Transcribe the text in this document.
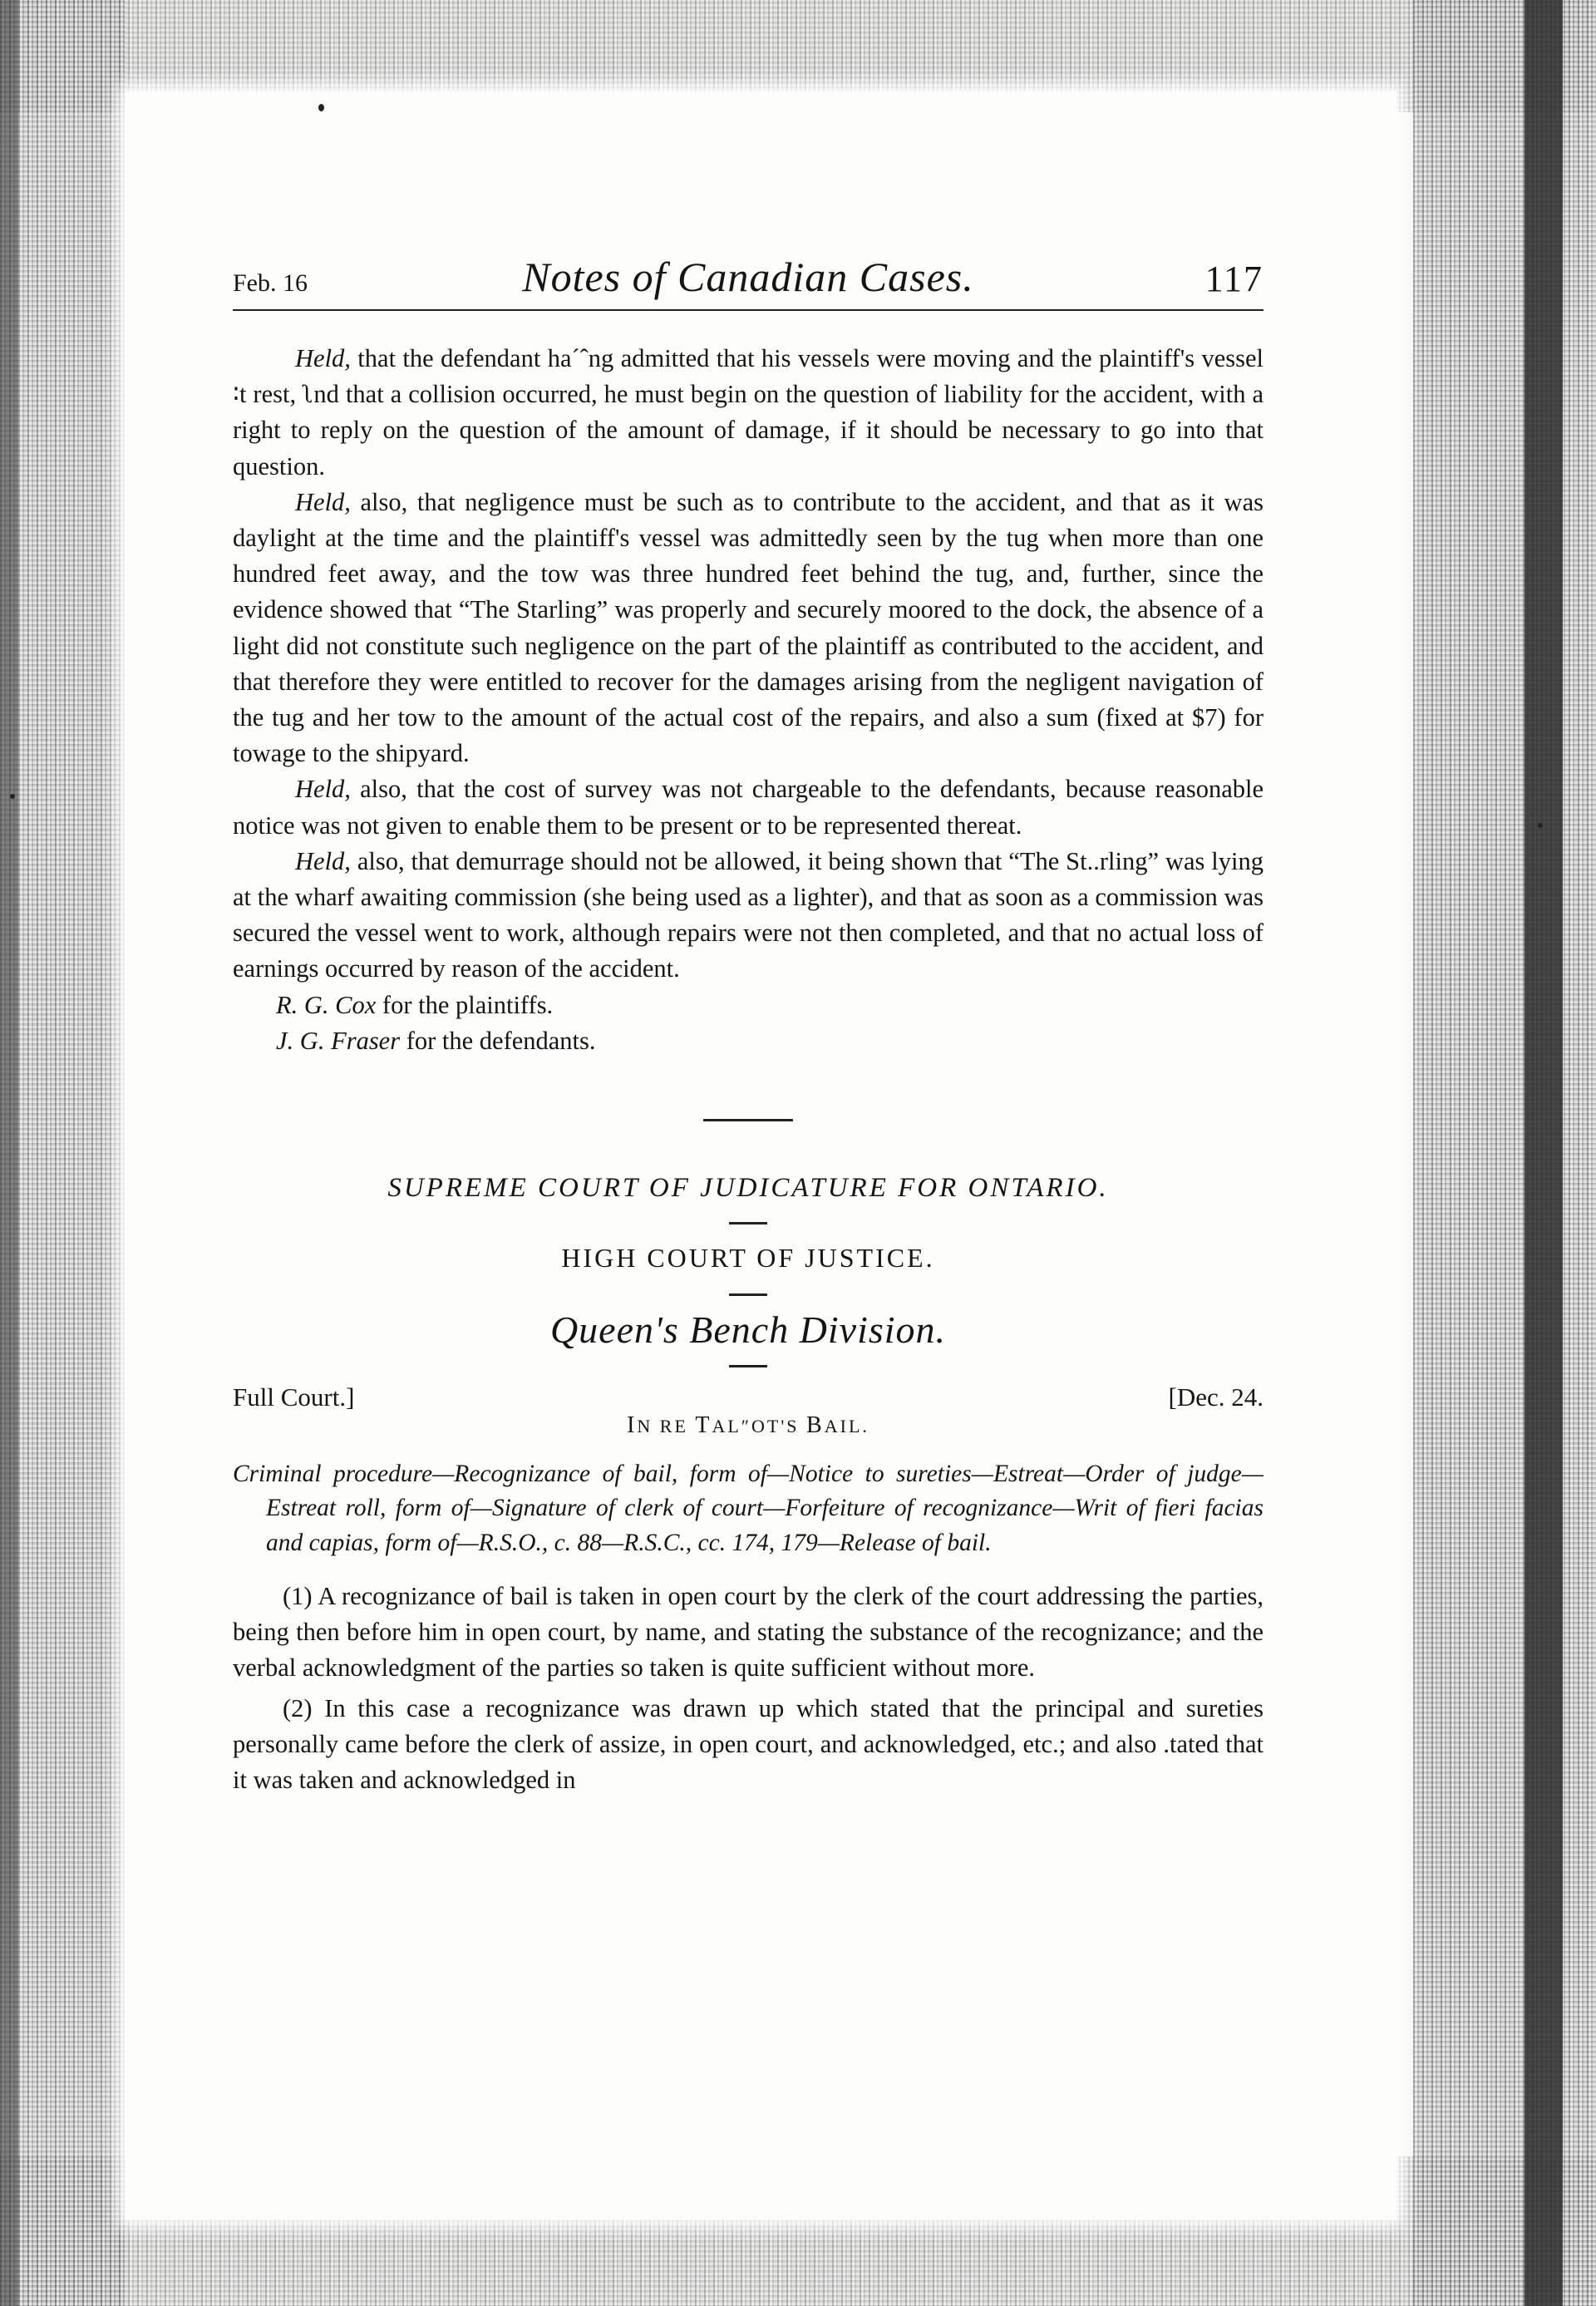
Feb. 16	Notes of Canadian Cases.	117

Held, that the defendant ha´ˆng admitted that his vessels were moving and the plaintiff's vessel ∶t rest, ʅnd that a collision occurred, he must begin on the question of liability for the accident, with a right to reply on the question of the amount of damage, if it should be necessary to go into that question.

Held, also, that negligence must be such as to contribute to the accident, and that as it was daylight at the time and the plaintiff's vessel was admittedly seen by the tug when more than one hundred feet away, and the tow was three hundred feet behind the tug, and, further, since the evidence showed that “The Starling” was properly and securely moored to the dock, the absence of a light did not constitute such negligence on the part of the plaintiff as contributed to the accident, and that therefore they were entitled to recover for the damages arising from the negligent navigation of the tug and her tow to the amount of the actual cost of the repairs, and also a sum (fixed at $7) for towage to the shipyard.

Held, also, that the cost of survey was not chargeable to the defendants, because reasonable notice was not given to enable them to be present or to be represented thereat.

Held, also, that demurrage should not be allowed, it being shown that “The St..rling” was lying at the wharf awaiting commission (she being used as a lighter), and that as soon as a commission was secured the vessel went to work, although repairs were not then completed, and that no actual loss of earnings occurred by reason of the accident.

R. G. Cox for the plaintiffs.

J. G. Fraser for the defendants.

SUPREME COURT OF JUDICATURE FOR ONTARIO.

HIGH COURT OF JUSTICE.

Queen's Bench Division.

Full Court.]	[Dec. 24.
IN RE TAL″OT'S BAIL.

Criminal procedure—Recognizance of bail, form of—Notice to sureties—Estreat—Order of judge—Estreat roll, form of—Signature of clerk of court—Forfeiture of recognizance—Writ of fieri facias and capias, form of—R.S.O., c. 88—R.S.C., cc. 174, 179—Release of bail.

(1) A recognizance of bail is taken in open court by the clerk of the court addressing the parties, being then before him in open court, by name, and stating the substance of the recognizance; and the verbal acknowledgment of the parties so taken is quite sufficient without more.

(2) In this case a recognizance was drawn up which stated that the principal and sureties personally came before the clerk of assize, in open court, and acknowledged, etc.; and also .tated that it was taken and acknowledged in
